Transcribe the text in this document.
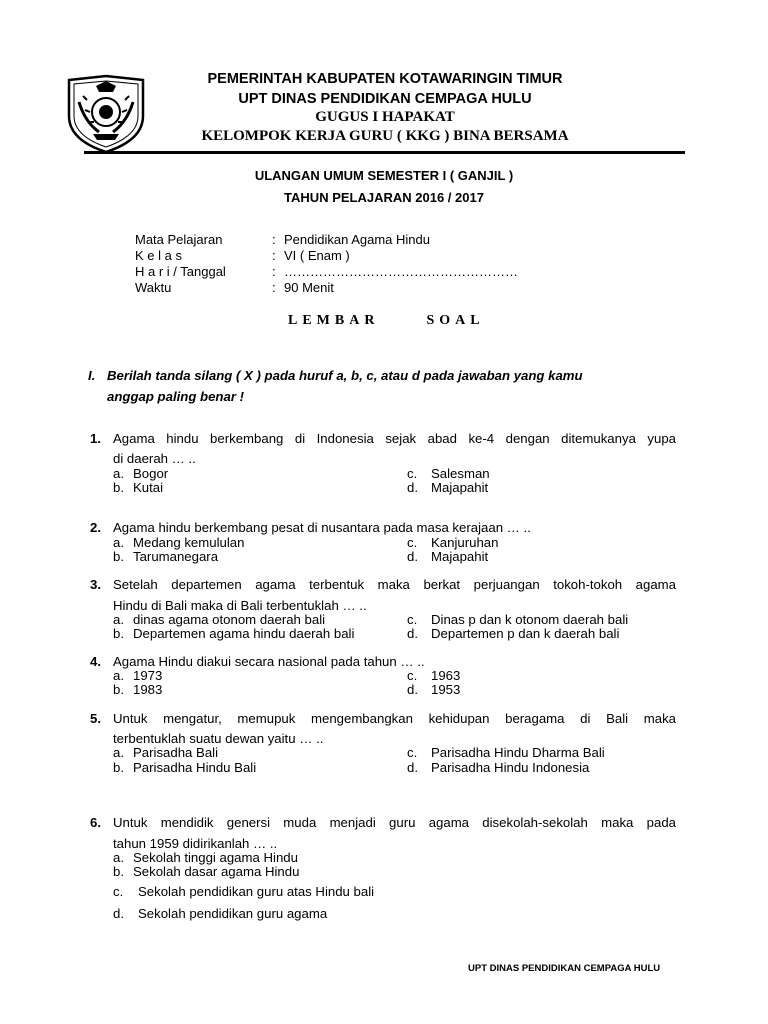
PEMERINTAH KABUPATEN KOTAWARINGIN TIMUR
UPT DINAS PENDIDIKAN CEMPAGA HULU
GUGUS I HAPAKAT
KELOMPOK KERJA GURU ( KKG ) BINA BERSAMA
ULANGAN UMUM SEMESTER I ( GANJIL )
TAHUN PELAJARAN 2016 / 2017
Mata Pelajaran	: Pendidikan Agama Hindu
K e l a s	: VI ( Enam )
H a r i / Tanggal	: ………………………………………………
Waktu	: 90 Menit
LEMBAR	SOAL
I. Berilah tanda silang ( X ) pada huruf a, b, c, atau d pada jawaban yang kamu
anggap paling benar !
1. Agama hindu berkembang di Indonesia sejak abad ke-4 dengan ditemukanya yupa
di daerah … ..
a. Bogor
b. Kutai
c. Salesman
d. Majapahit
2. Agama hindu berkembang pesat di nusantara pada masa kerajaan … ..
a. Medang kemululan
b. Tarumanegara
c. Kanjuruhan
d. Majapahit
3. Setelah departemen agama terbentuk maka berkat perjuangan tokoh-tokoh agama
Hindu di Bali maka di Bali terbentuklah … ..
a. dinas agama otonom daerah bali
b. Departemen agama hindu daerah bali
c. Dinas p dan k otonom daerah bali
d. Departemen p dan k daerah bali
4. Agama Hindu diakui secara nasional pada tahun … ..
a. 1973
b. 1983
c. 1963
d. 1953
5. Untuk mengatur, memupuk mengembangkan kehidupan beragama di Bali maka
terbentuklah suatu dewan yaitu … ..
a. Parisadha Bali
b. Parisadha Hindu Bali
c. Parisadha Hindu Dharma Bali
d. Parisadha Hindu Indonesia
6. Untuk mendidik genersi muda menjadi guru agama disekolah-sekolah maka pada
tahun 1959 didirikanlah … ..
a. Sekolah tinggi agama Hindu
b. Sekolah dasar agama Hindu
c. Sekolah pendidikan guru atas Hindu bali
d. Sekolah pendidikan guru agama
UPT DINAS PENDIDIKAN CEMPAGA HULU
